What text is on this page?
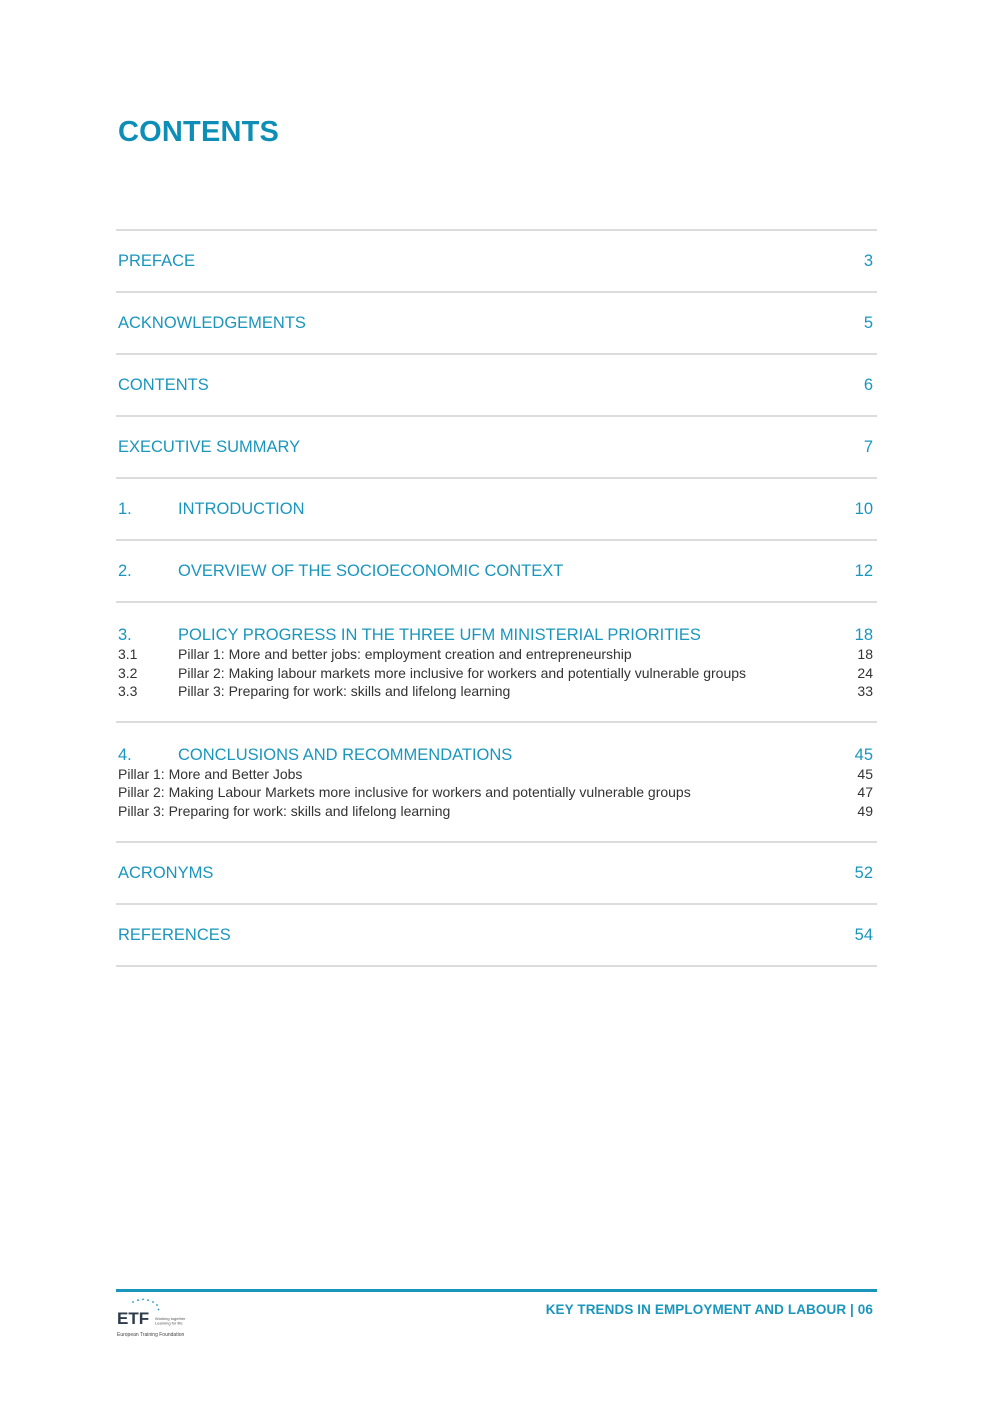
CONTENTS
PREFACE	3
ACKNOWLEDGEMENTS	5
CONTENTS	6
EXECUTIVE SUMMARY	7
1.	INTRODUCTION	10
2.	OVERVIEW OF THE SOCIOECONOMIC CONTEXT	12
3.	POLICY PROGRESS IN THE THREE UFM MINISTERIAL PRIORITIES	18
3.1	Pillar 1: More and better jobs: employment creation and entrepreneurship	18
3.2	Pillar 2: Making labour markets more inclusive for workers and potentially vulnerable groups	24
3.3	Pillar 3: Preparing for work: skills and lifelong learning	33
4.	CONCLUSIONS AND RECOMMENDATIONS	45
Pillar 1: More and Better Jobs	45
Pillar 2: Making Labour Markets more inclusive for workers and potentially vulnerable groups	47
Pillar 3: Preparing for work: skills and lifelong learning	49
ACRONYMS	52
REFERENCES	54
ETF Working together
Learning for life
European Training Foundation
KEY TRENDS IN EMPLOYMENT AND LABOUR | 06
